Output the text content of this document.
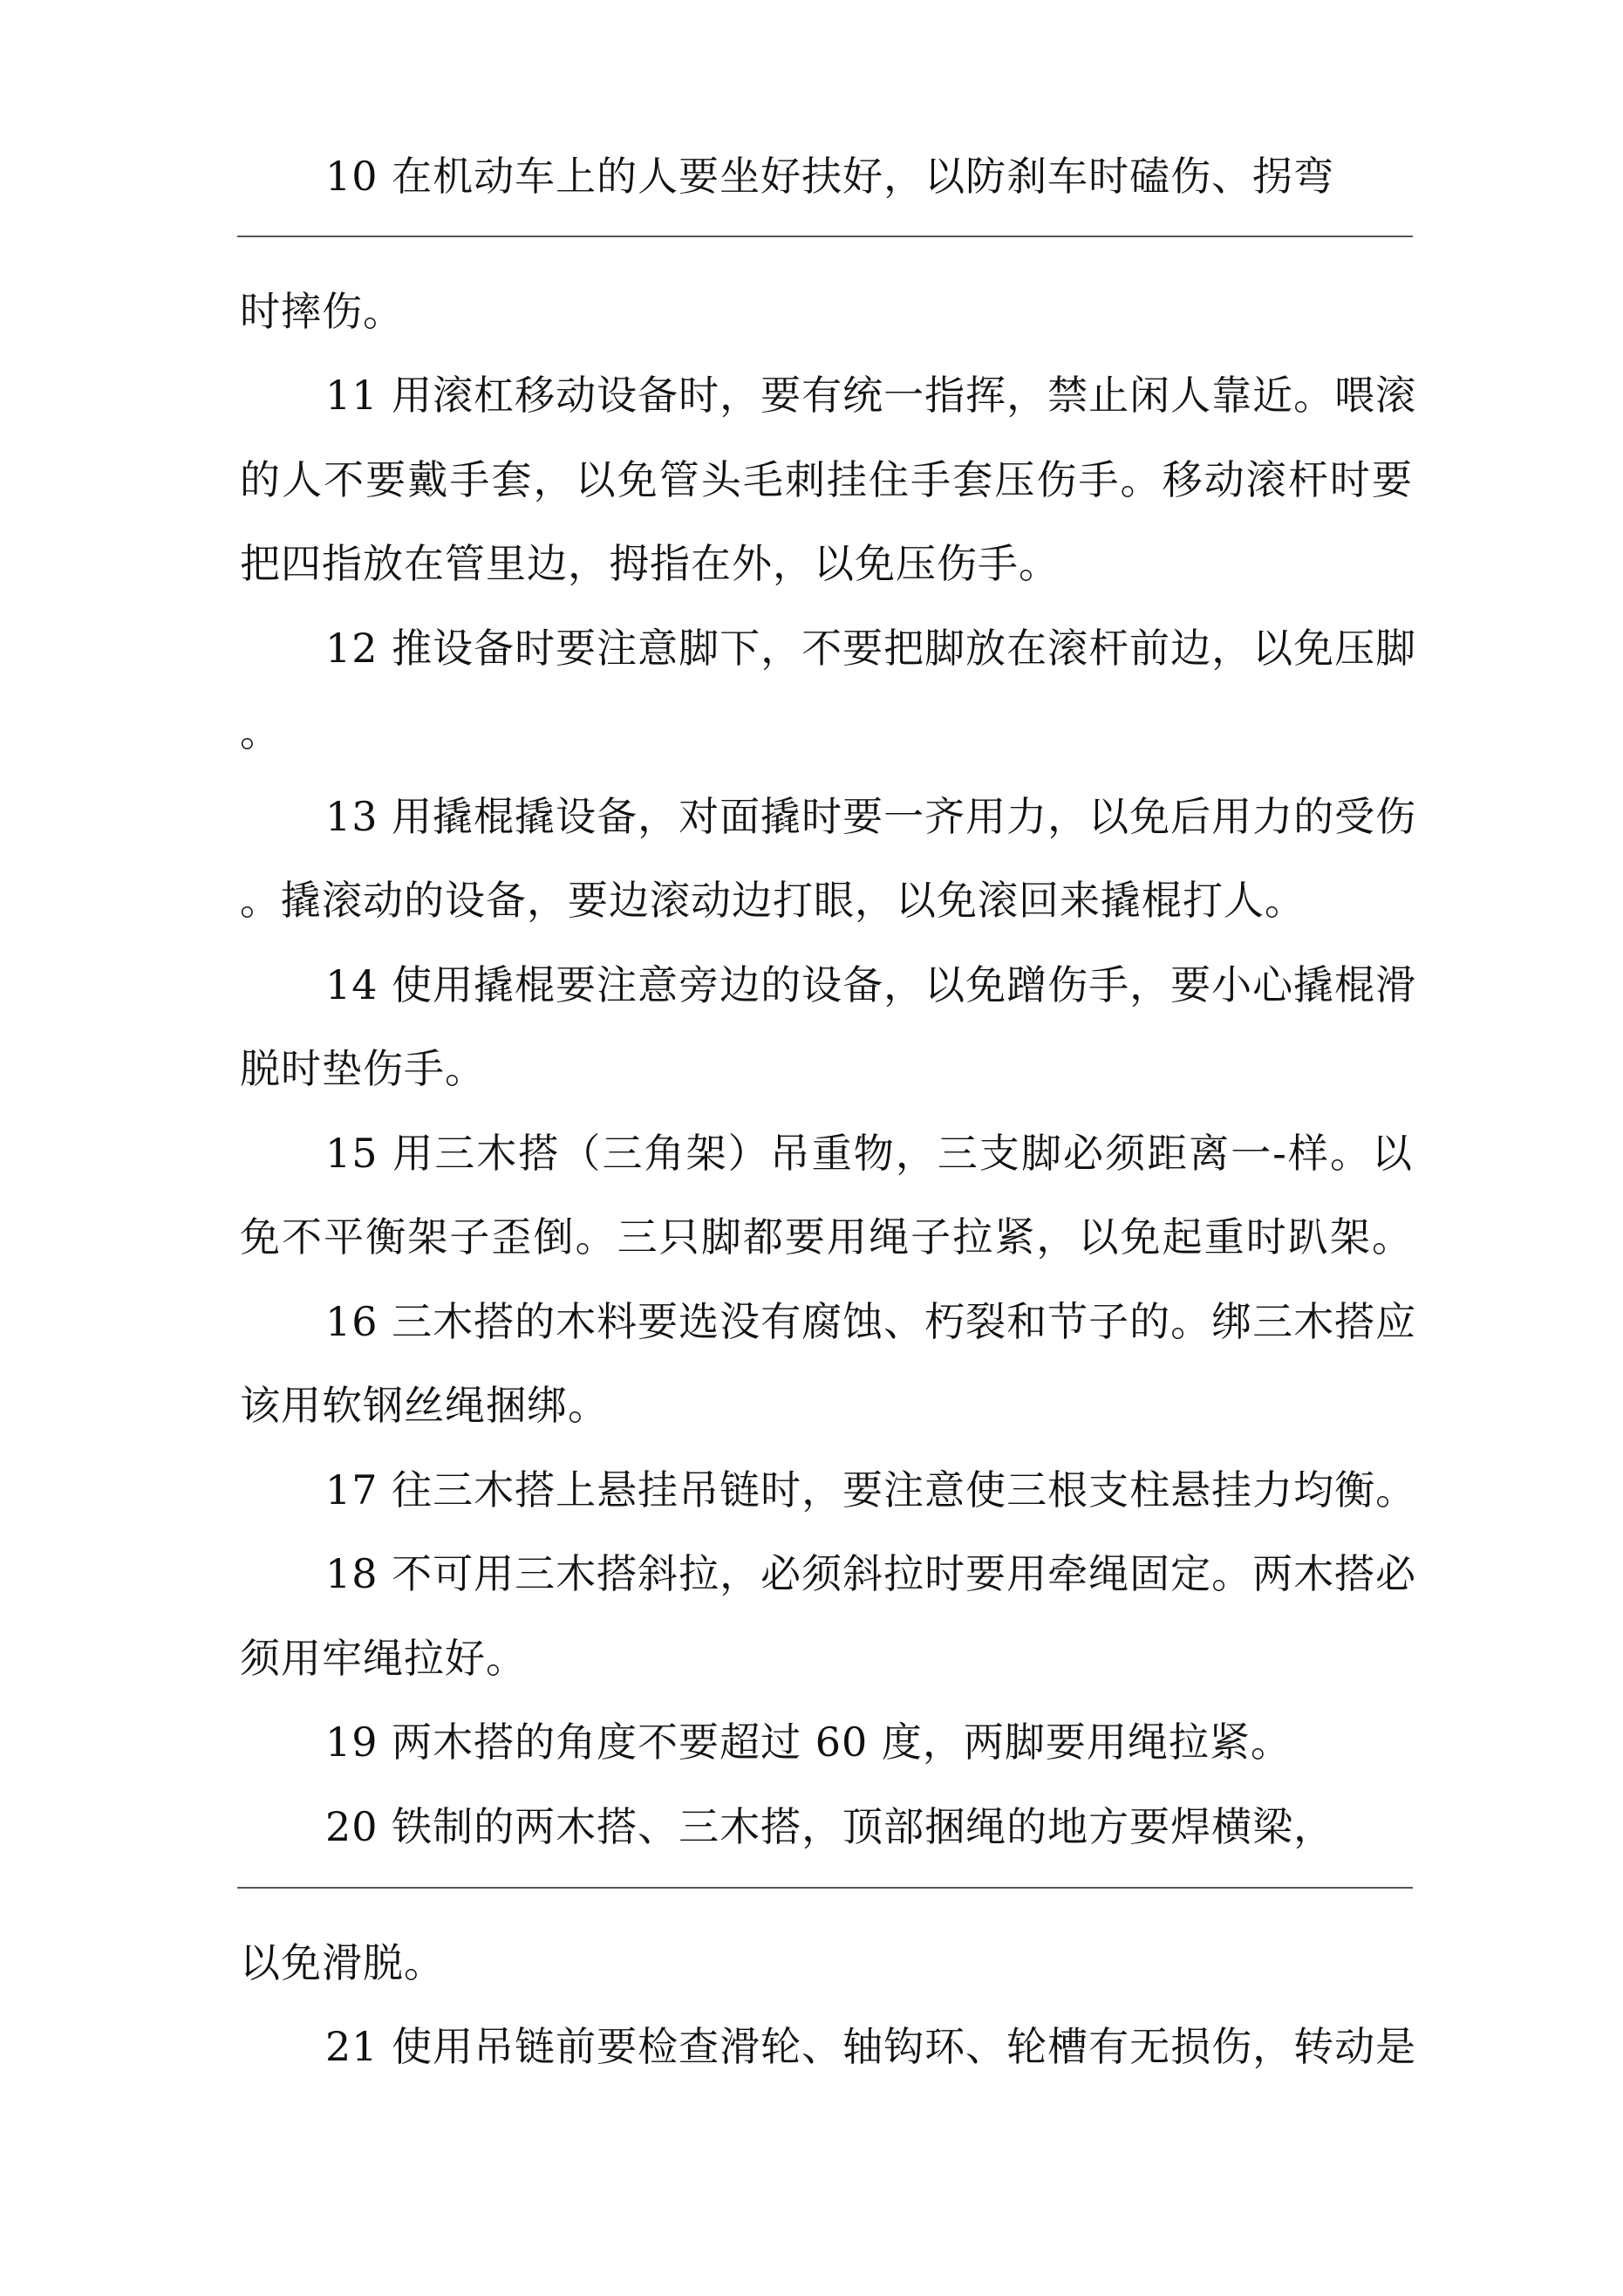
10 在机动车上的人要坐好扶好，以防刹车时磕伤、拐弯
时摔伤。
11 用滚杠移动设备时，要有统一指挥，禁止闲人靠近。喂滚
的人不要戴手套，以免管头毛刺挂住手套压伤手。移动滚杆时要
把四指放在管里边，拇指在外，以免压伤手。
12 推设备时要注意脚下，不要把脚放在滚杆前边，以免压脚
。
13 用撬棍撬设备，对面撬时要一齐用力，以免后用力的受伤
。撬滚动的设备，要边滚动边打眼，以免滚回来撬棍打人。
14 使用撬棍要注意旁边的设备，以免蹭伤手，要小心撬棍滑
脱时垫伤手。
15 用三木搭（三角架）吊重物，三支脚必须距离一-样。以
免不平衡架子歪倒。三只脚都要用绳子拉紧，以免起重时趴架。
16 三木搭的木料要选没有腐蚀、朽裂和节子的。绑三木搭应
该用软钢丝绳捆绑。
17 往三木搭上悬挂吊链时，要注意使三根支柱悬挂力均衡。
18 不可用三木搭斜拉，必须斜拉时要用牵绳固定。两木搭必
须用牢绳拉好。
19 两木搭的角度不要超过 60 度，两脚要用绳拉紧。
20 铁制的两木搭、三木搭，顶部捆绳的地方要焊横梁，
以免滑脱。
21 使用吊链前要检查滑轮、轴钩环、轮槽有无损伤，转动是
